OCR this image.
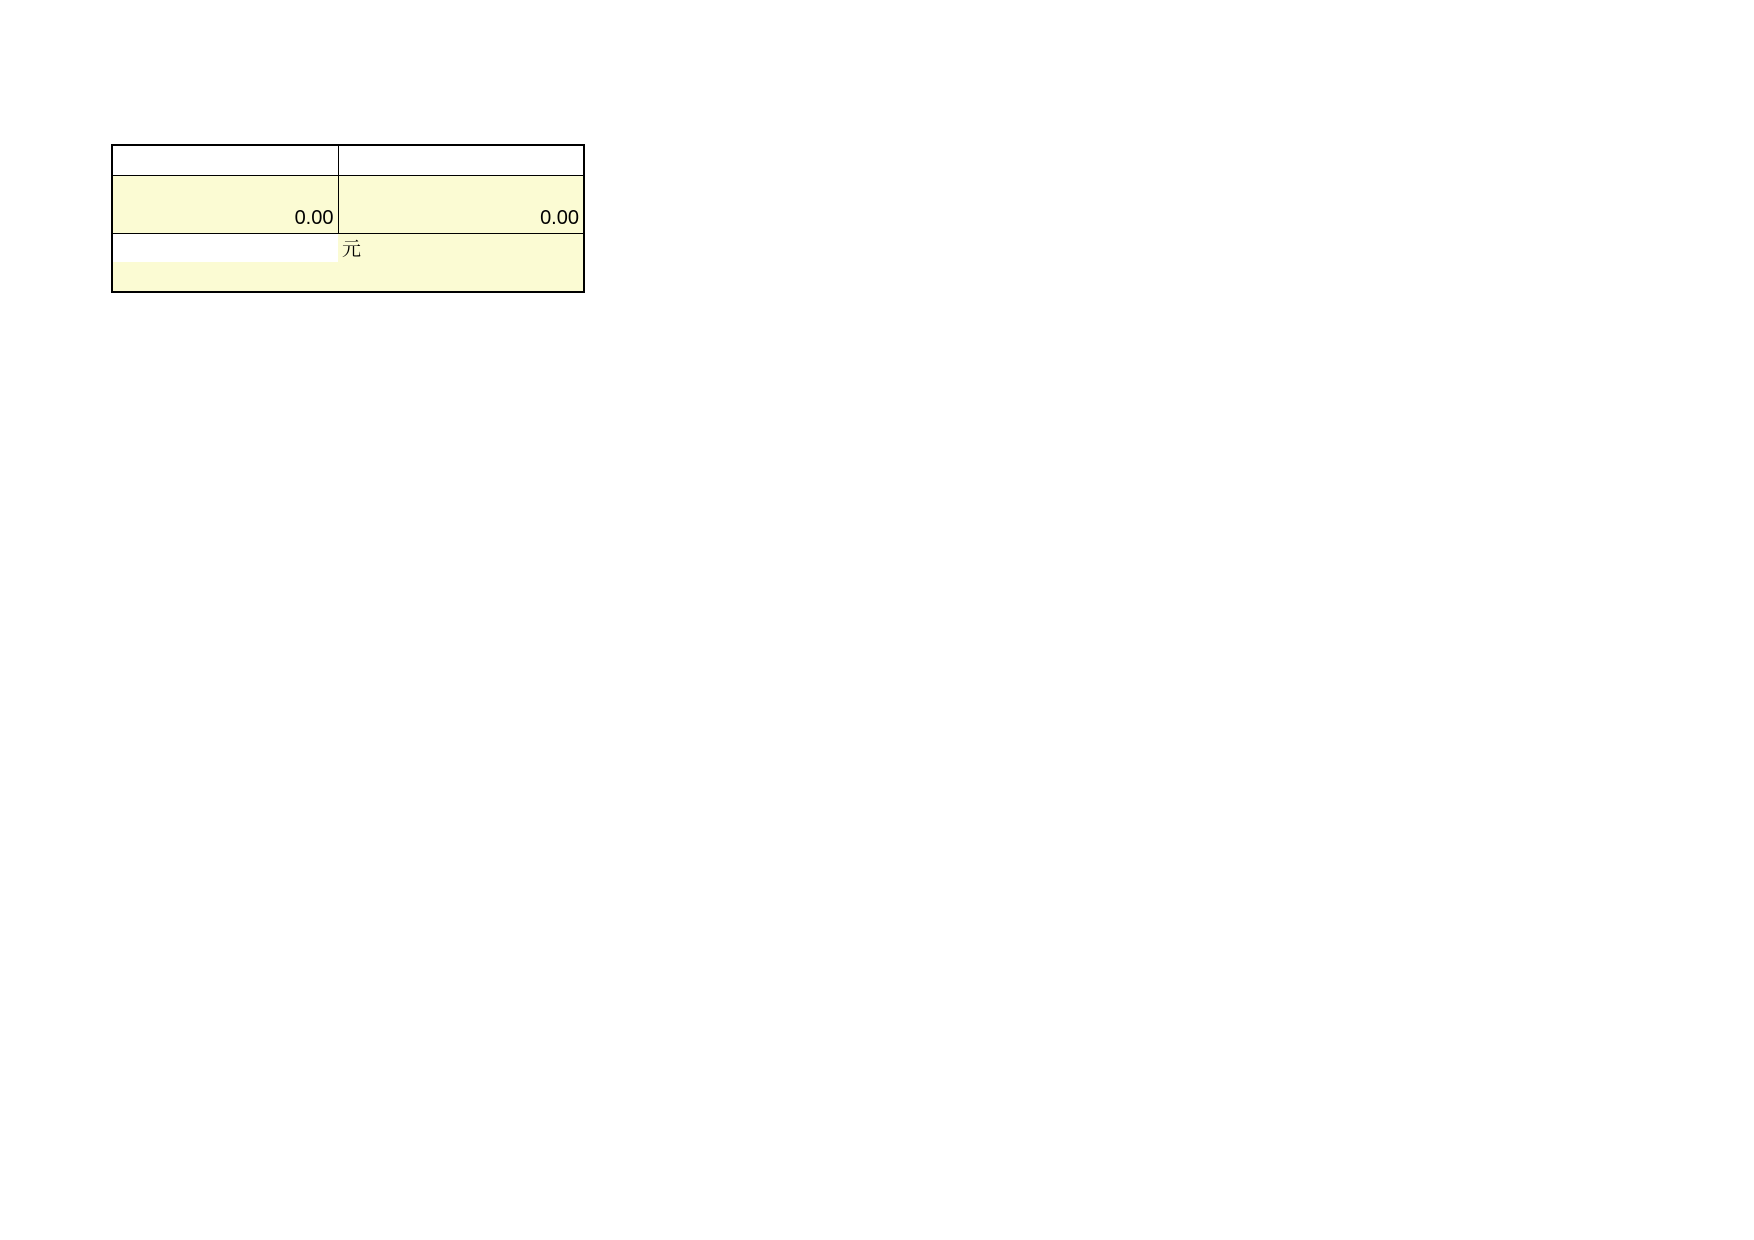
0.00	0.00
	元
